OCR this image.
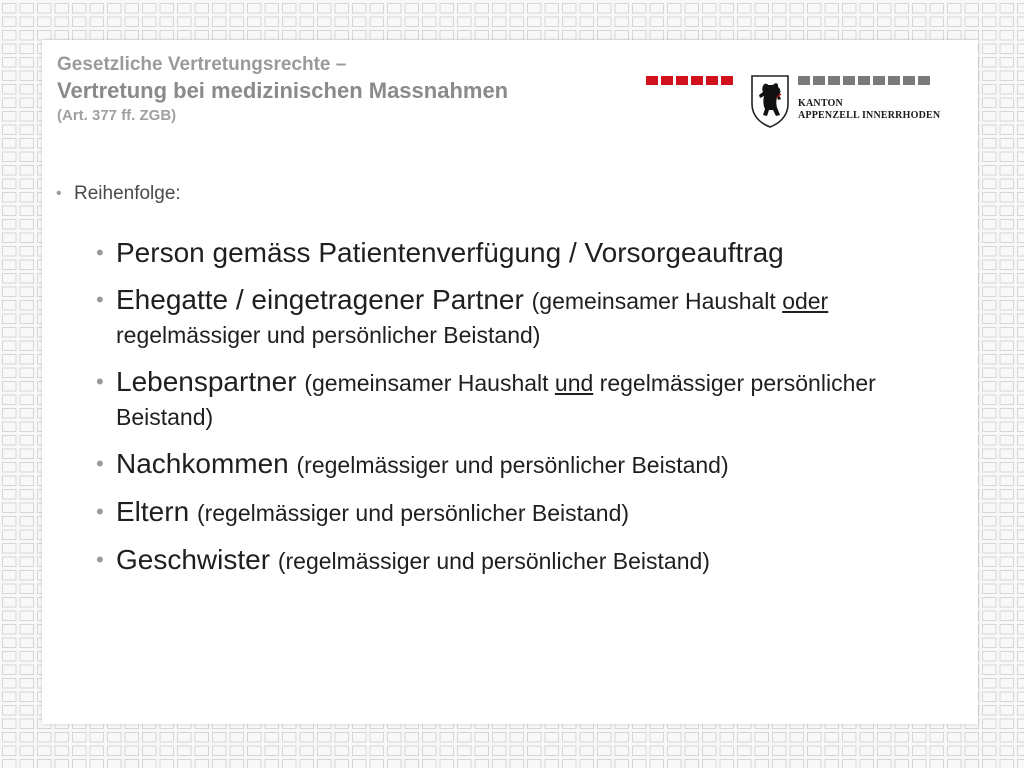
Gesetzliche Vertretungsrechte –
Vertretung bei medizinischen Massnahmen
(Art. 377 ff. ZGB)
KANTON
APPENZELL INNERRHODEN
• Reihenfolge:
• Person gemäss Patientenverfügung / Vorsorgeauftrag
• Ehegatte / eingetragener Partner (gemeinsamer Haushalt oder regelmässiger und persönlicher Beistand)
• Lebenspartner (gemeinsamer Haushalt und regelmässiger persönlicher Beistand)
• Nachkommen (regelmässiger und persönlicher Beistand)
• Eltern (regelmässiger und persönlicher Beistand)
• Geschwister (regelmässiger und persönlicher Beistand)
